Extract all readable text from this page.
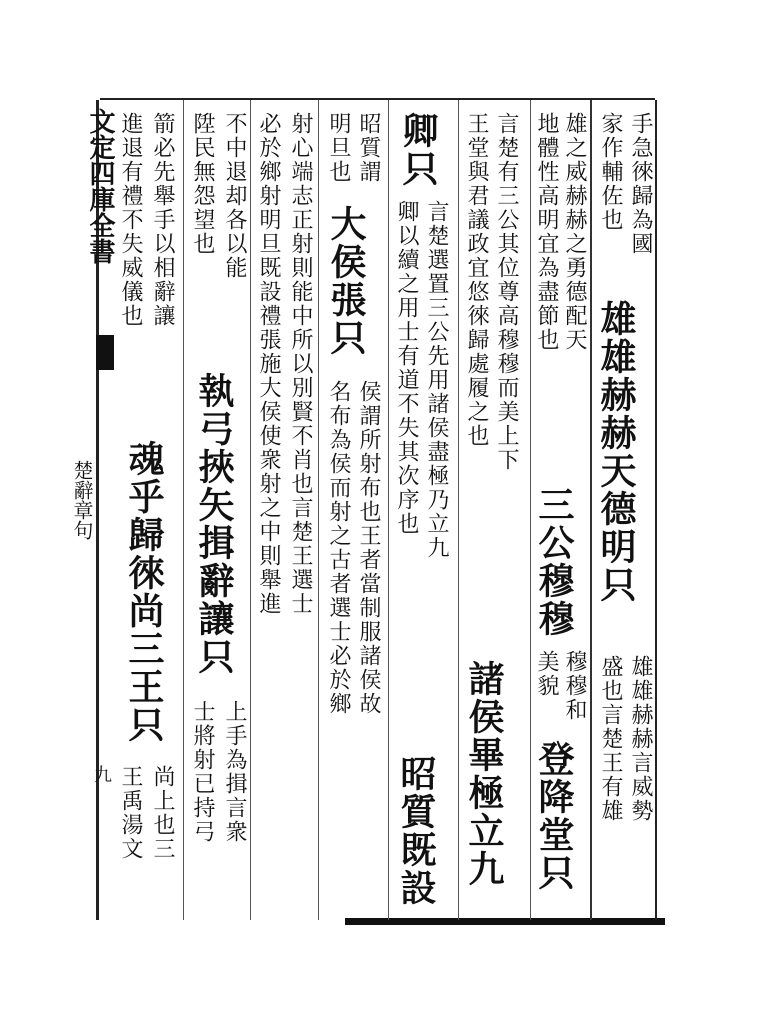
楚辭章句
九
文定四庫全書	手急徠歸為國
家作輔佐也
雄雄赫赫天德明只
雄雄赫赫言威勢
盛也言楚王有雄
雄之威赫赫之勇德配天
地體性高明宜為盡節也
三公穆穆
穆穆和
美貌
登降堂只
言楚有三公其位尊高穆穆而美上下
王堂與君議政宜悠徠歸處履之也
諸侯畢極立九
卿只
言楚選置三公先用諸侯盡極乃立九
卿以續之用士有道不失其次序也
昭質既設
昭質謂
明旦也
大侯張只
侯謂所射布也王者當制服諸侯故
名布為侯而射之古者選士必於鄉
射心端志正射則能中所以別賢不肖也言楚王選士
必於鄉射明旦既設禮張施大侯使衆射之中則舉進
不中退却各以能
陞民無怨望也
執弓挾矢揖辭讓只
上手為揖言衆
士將射已持弓
箭必先舉手以相辭讓
進退有禮不失威儀也
魂乎歸徠尚三王只
尚上也三
王禹湯文
